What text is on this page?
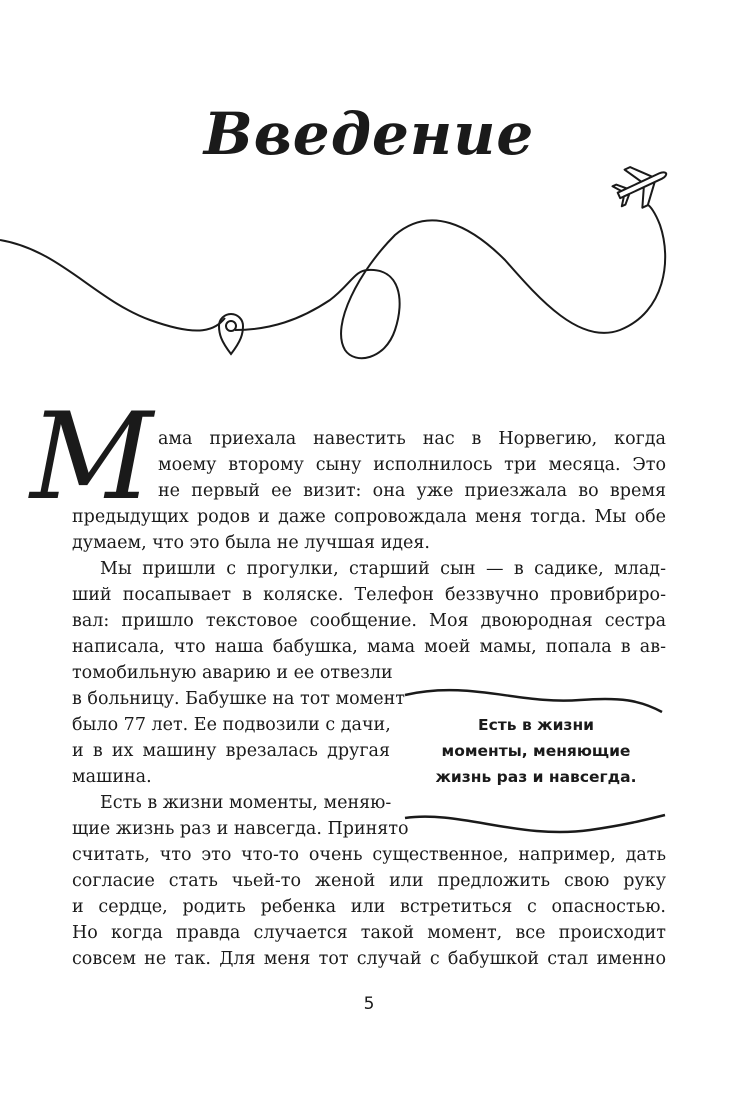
Введение
М ама приехала навестить нас в Норвегию, когда
моему второму сыну исполнилось три месяца. Это
не первый ее визит: она уже приезжала во время
предыдущих родов и даже сопровождала меня тогда. Мы обе
думаем, что это была не лучшая идея.
Мы пришли с прогулки, старший сын — в садике, млад-
ший посапывает в коляске. Телефон беззвучно провибриро-
вал: пришло текстовое сообщение. Моя двоюродная сестра
написала, что наша бабушка, мама моей мамы, попала в ав-
томобильную аварию и ее отвезли
в больницу. Бабушке на тот момент
было 77 лет. Ее подвозили с дачи,
и в их машину врезалась другая
машина.
Есть в жизни моменты, меняю-
щие жизнь раз и навсегда. Принято
считать, что это что-то очень существенное, например, дать
согласие стать чьей-то женой или предложить свою руку
и сердце, родить ребенка или встретиться с опасностью.
Но когда правда случается такой момент, все происходит
совсем не так. Для меня тот случай с бабушкой стал именно
Есть в жизни
моменты, меняющие
жизнь раз и навсегда.
5
